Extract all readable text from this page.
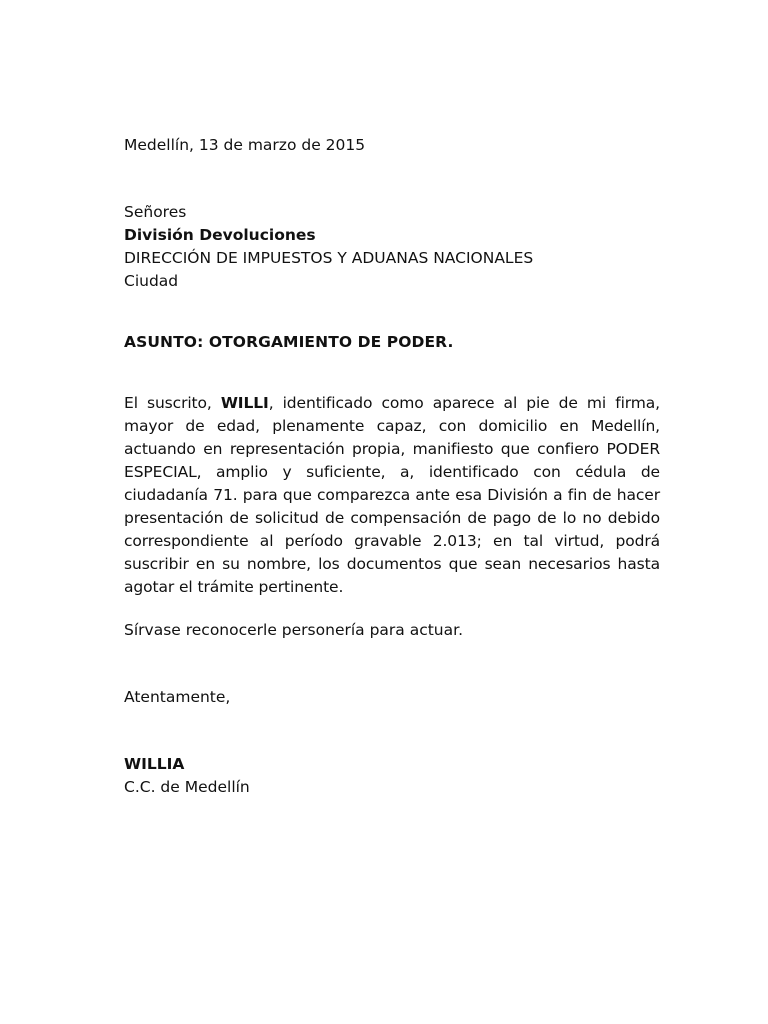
Medellín, 13 de marzo de 2015
Señores
División Devoluciones
DIRECCIÓN DE IMPUESTOS Y ADUANAS NACIONALES
Ciudad
ASUNTO: OTORGAMIENTO DE PODER.

El suscrito, WILLI, identificado como aparece al pie de mi firma, mayor de edad, plenamente capaz, con domicilio en Medellín, actuando en representación propia, manifiesto que confiero PODER ESPECIAL, amplio y suficiente, a, identificado con cédula de ciudadanía 71. para que comparezca ante esa División a fin de hacer presentación de solicitud de compensación de pago de lo no debido correspondiente al período gravable 2.013; en tal virtud, podrá suscribir en su nombre, los documentos que sean necesarios hasta agotar el trámite pertinente.

Sírvase reconocerle personería para actuar.
Atentamente,
WILLIA
C.C. de Medellín
